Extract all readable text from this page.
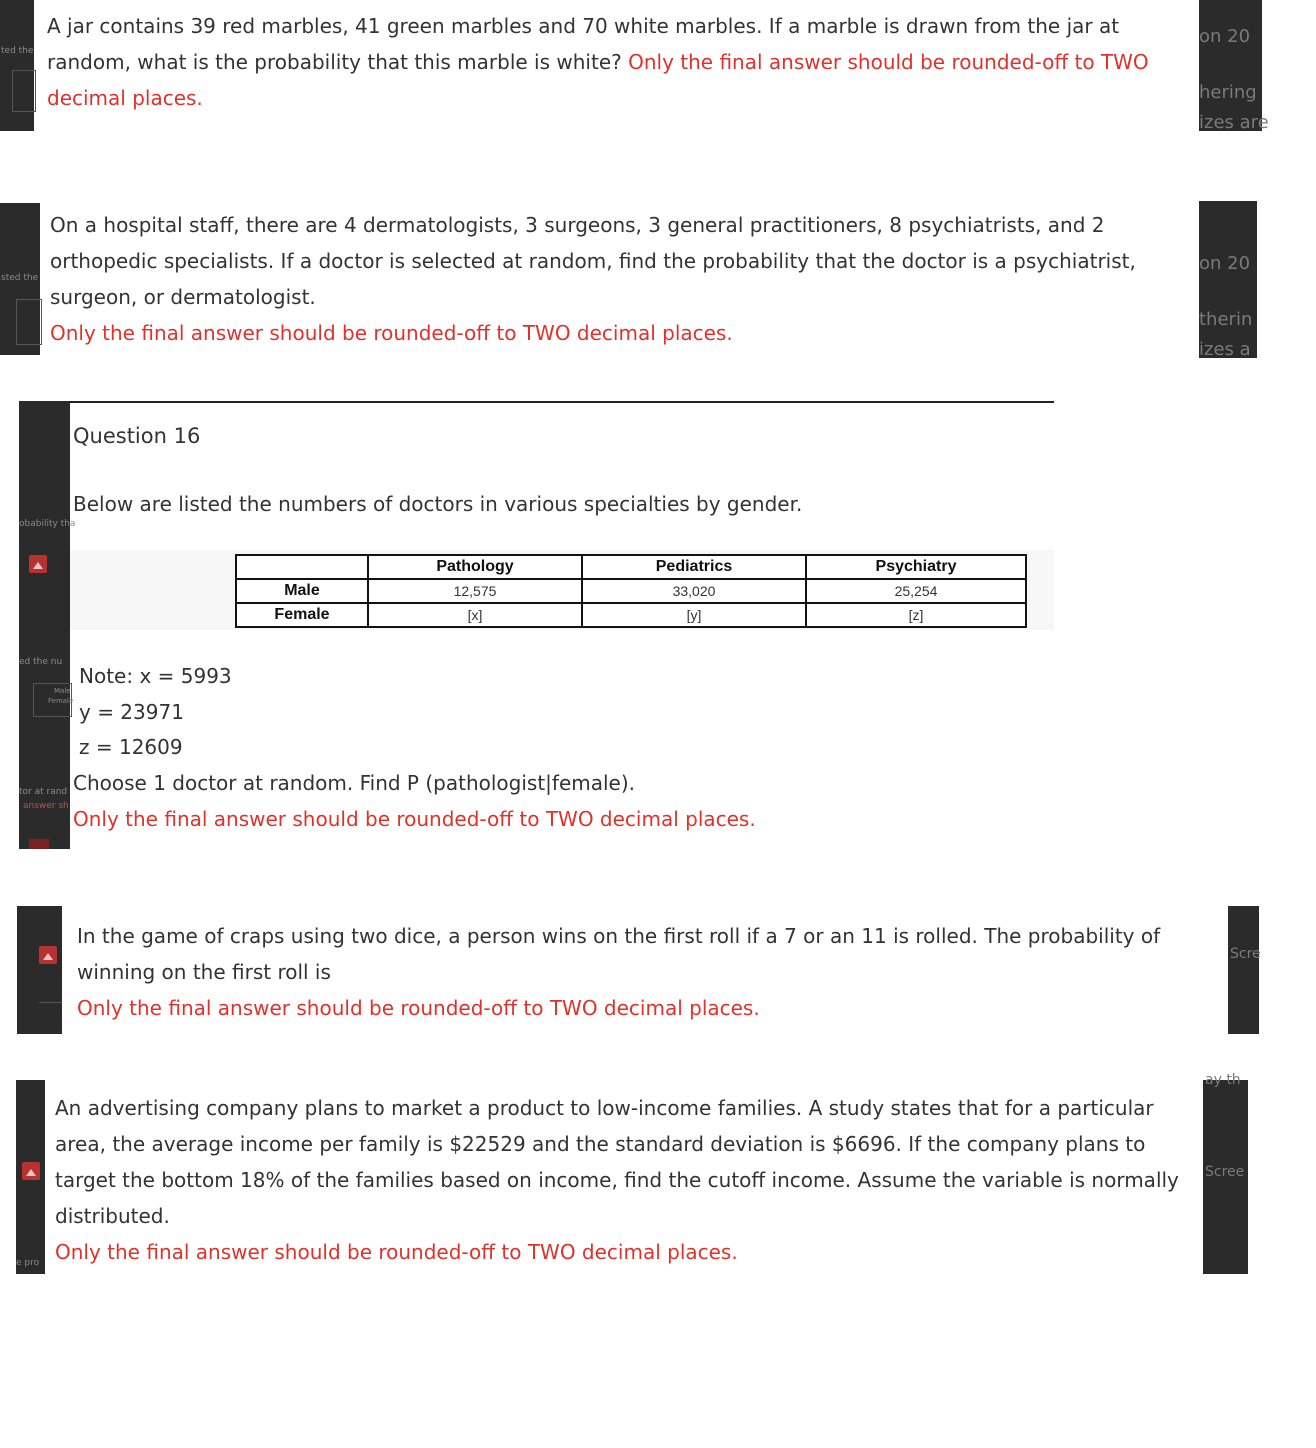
ted the
A jar contains 39 red marbles, 41 green marbles and 70 white marbles. If a marble is drawn from the jar at random, what is the probability that this marble is white? Only the final answer should be rounded-off to TWO decimal places.
on 20
hering
izes are
sted the
On a hospital staff, there are 4 dermatologists, 3 surgeons, 3 general practitioners, 8 psychiatrists, and 2 orthopedic specialists. If a doctor is selected at random, find the probability that the doctor is a psychiatrist, surgeon, or dermatologist.
Only the final answer should be rounded-off to TWO decimal places.
on 20
therin
izes a
obability tha
ed the nu
Male
Female
tor at rand
answer sh
Question 16
Below are listed the numbers of doctors in various specialties by gender.
	Pathology	Pediatrics	Psychiatry
Male	12,575	33,020	25,254
Female	[x]	[y]	[z]
Note: x = 5993
y = 23971
z = 12609
Choose 1 doctor at random. Find P (pathologist|female).
Only the final answer should be rounded-off to TWO decimal places.
In the game of craps using two dice, a person wins on the first roll if a 7 or an 11 is rolled. The probability of winning on the first roll is
Only the final answer should be rounded-off to TWO decimal places.
Scre
e pro
An advertising company plans to market a product to low-income families. A study states that for a particular area, the average income per family is $22529 and the standard deviation is $6696. If the company plans to target the bottom 18% of the families based on income, find the cutoff income. Assume the variable is normally distributed.
Only the final answer should be rounded-off to TWO decimal places.
ay th
Scree
